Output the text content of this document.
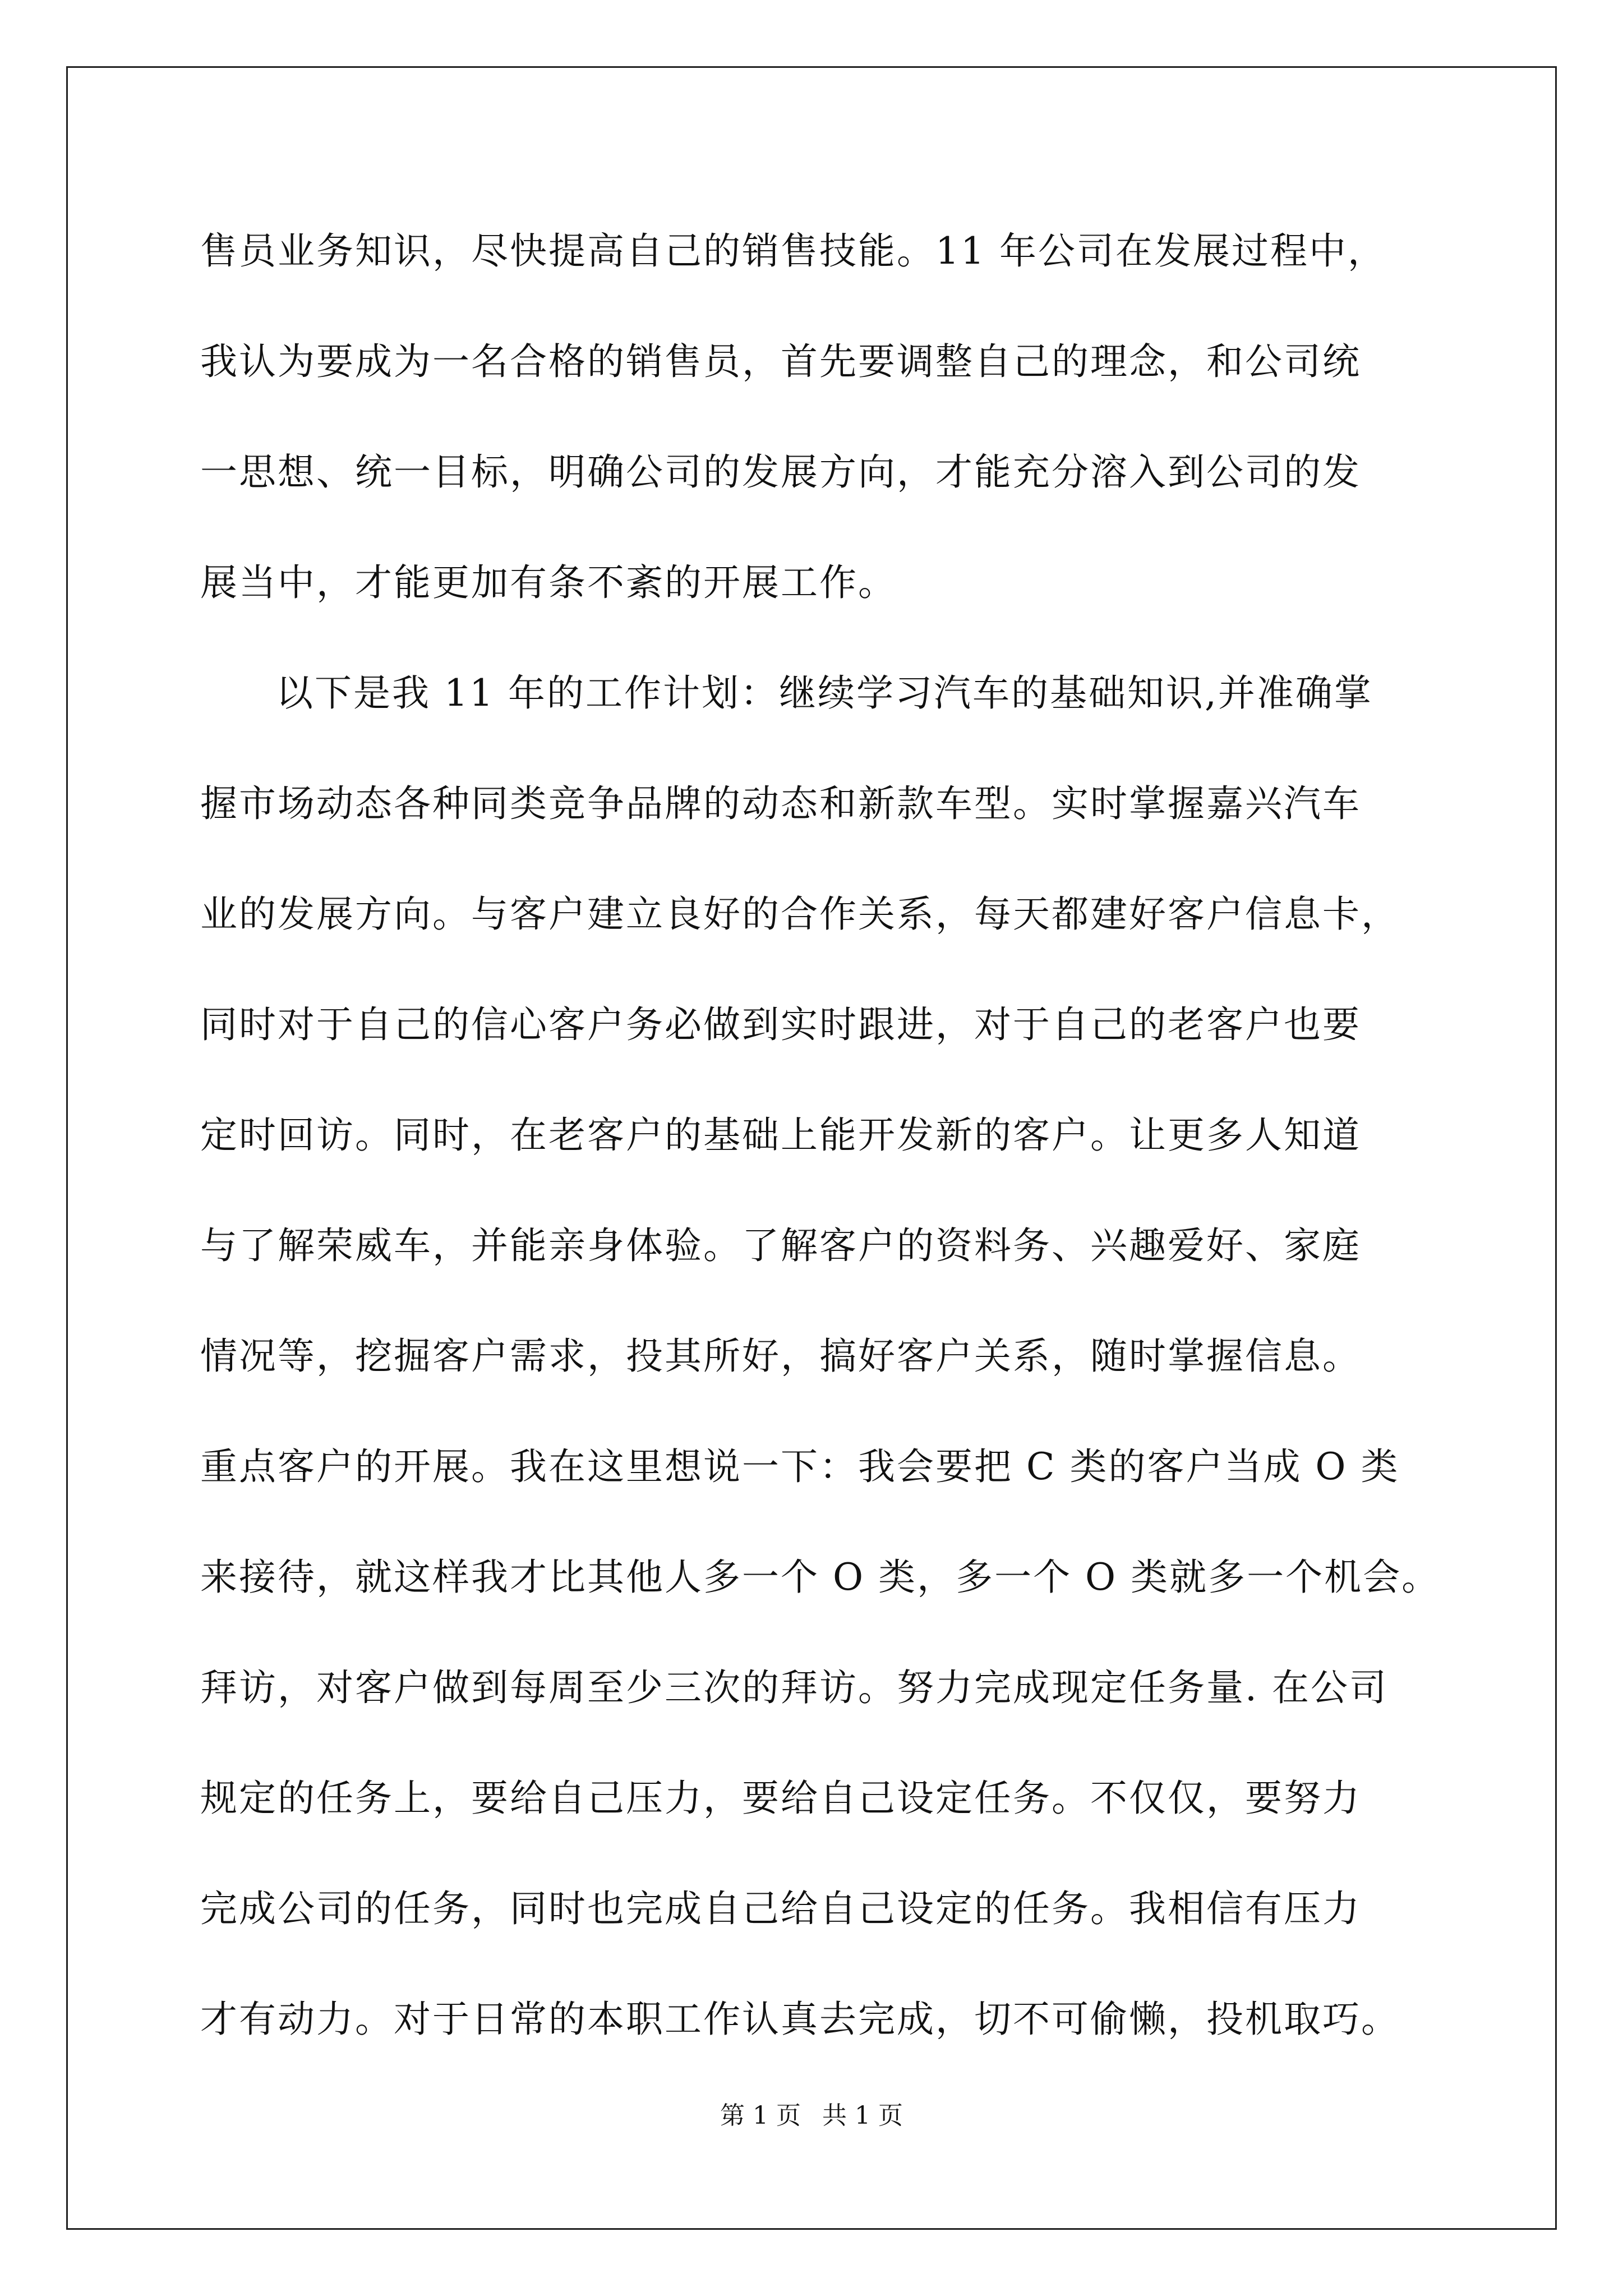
售员业务知识，尽快提高自己的销售技能。11 年公司在发展过程中，
我认为要成为一名合格的销售员，首先要调整自己的理念，和公司统
一思想、统一目标，明确公司的发展方向，才能充分溶入到公司的发
展当中，才能更加有条不紊的开展工作。
以下是我 11 年的工作计划：继续学习汽车的基础知识,并准确掌
握市场动态各种同类竞争品牌的动态和新款车型。实时掌握嘉兴汽车
业的发展方向。与客户建立良好的合作关系，每天都建好客户信息卡，
同时对于自己的信心客户务必做到实时跟进，对于自己的老客户也要
定时回访。同时，在老客户的基础上能开发新的客户。让更多人知道
与了解荣威车，并能亲身体验。了解客户的资料务、兴趣爱好、家庭
情况等，挖掘客户需求，投其所好，搞好客户关系，随时掌握信息。
重点客户的开展。我在这里想说一下：我会要把 C 类的客户当成 O 类
来接待，就这样我才比其他人多一个 O 类，多一个 O 类就多一个机会。
拜访，对客户做到每周至少三次的拜访。努力完成现定任务量. 在公司
规定的任务上，要给自己压力，要给自己设定任务。不仅仅，要努力
完成公司的任务，同时也完成自己给自己设定的任务。我相信有压力
才有动力。对于日常的本职工作认真去完成，切不可偷懒，投机取巧。
第 1 页 共 1 页
